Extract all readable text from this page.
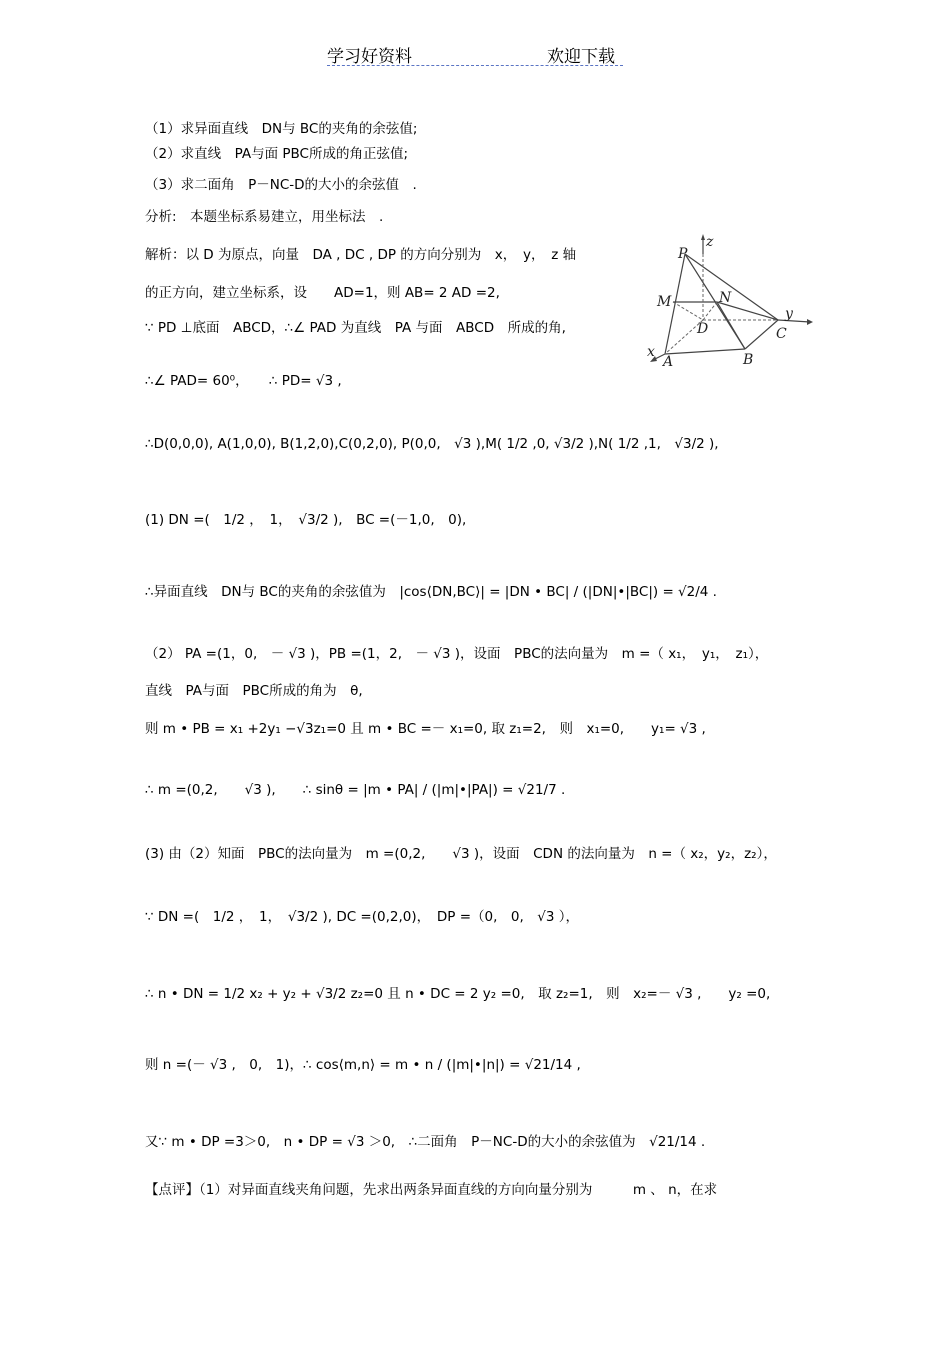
学习好资料	欢迎下载
（1）求异面直线　DN与 BC的夹角的余弦值;
（2）求直线　PA与面 PBC所成的角正弦值;
（3）求二面角　P－NC-D的大小的余弦值　.
分析:　本题坐标系易建立，用坐标法　.
解析：以 D 为原点，向量　DA , DC , DP 的方向分别为　x，　y，　z 轴
的正方向，建立坐标系，设　　AD=1，则 AB= 2 AD =2,
∵ PD ⊥底面　ABCD，∴∠ PAD 为直线　PA 与面　ABCD　所成的角,
∴∠ PAD= 60⁰，　　∴ PD= √3 ,
∴D(0,0,0), A(1,0,0), B(1,2,0),C(0,2,0), P(0,0,　√3 ),M( 1/2 ,0, √3/2 ),N( 1/2 ,1,　√3/2 ),
(1) DN =(　1/2 ，　1，　√3/2 ),　BC =(－1,0,　0),
∴异面直线　DN与 BC的夹角的余弦值为　|cos⟨DN,BC⟩| = |DN • BC| / (|DN|•|BC|) = √2/4 .
（2） PA =(1，0,　－ √3 )，PB =(1，2,　－ √3 )，设面　PBC的法向量为　m =（ x₁，　y₁，　z₁），
直线　PA与面　PBC所成的角为　θ,
则 m • PB = x₁ +2y₁ −√3z₁=0 且 m • BC =－ x₁=0, 取 z₁=2,　则　x₁=0,　　y₁= √3 ,
∴ m =(0,2,　　√3 ),　　∴ sinθ = |m • PA| / (|m|•|PA|) = √21/7 .
(3) 由（2）知面　PBC的法向量为　m =(0,2,　　√3 )，设面　CDN 的法向量为　n =（ x₂，y₂，z₂），
∵ DN =(　1/2 ，　1，　√3/2 ), DC =(0,2,0)，　DP =（0,　0,　√3 ），
∴ n • DN = 1/2 x₂ + y₂ + √3/2 z₂=0 且 n • DC = 2 y₂ =0,　取 z₂=1,　则　x₂=－ √3 ,　　y₂ =0,
则 n =(－ √3 ,　0,　1)，∴ cos⟨m,n⟩ = m • n / (|m|•|n|) = √21/14 ,
又∵ m • DP =3＞0,　n • DP = √3 ＞0,　∴二面角　P－NC-D的大小的余弦值为　√21/14 .
【点评】（1）对异面直线夹角问题，先求出两条异面直线的方向向量分别为　　　m 、 n，在求
P
z
M	N
D
y
C
x
A	B
